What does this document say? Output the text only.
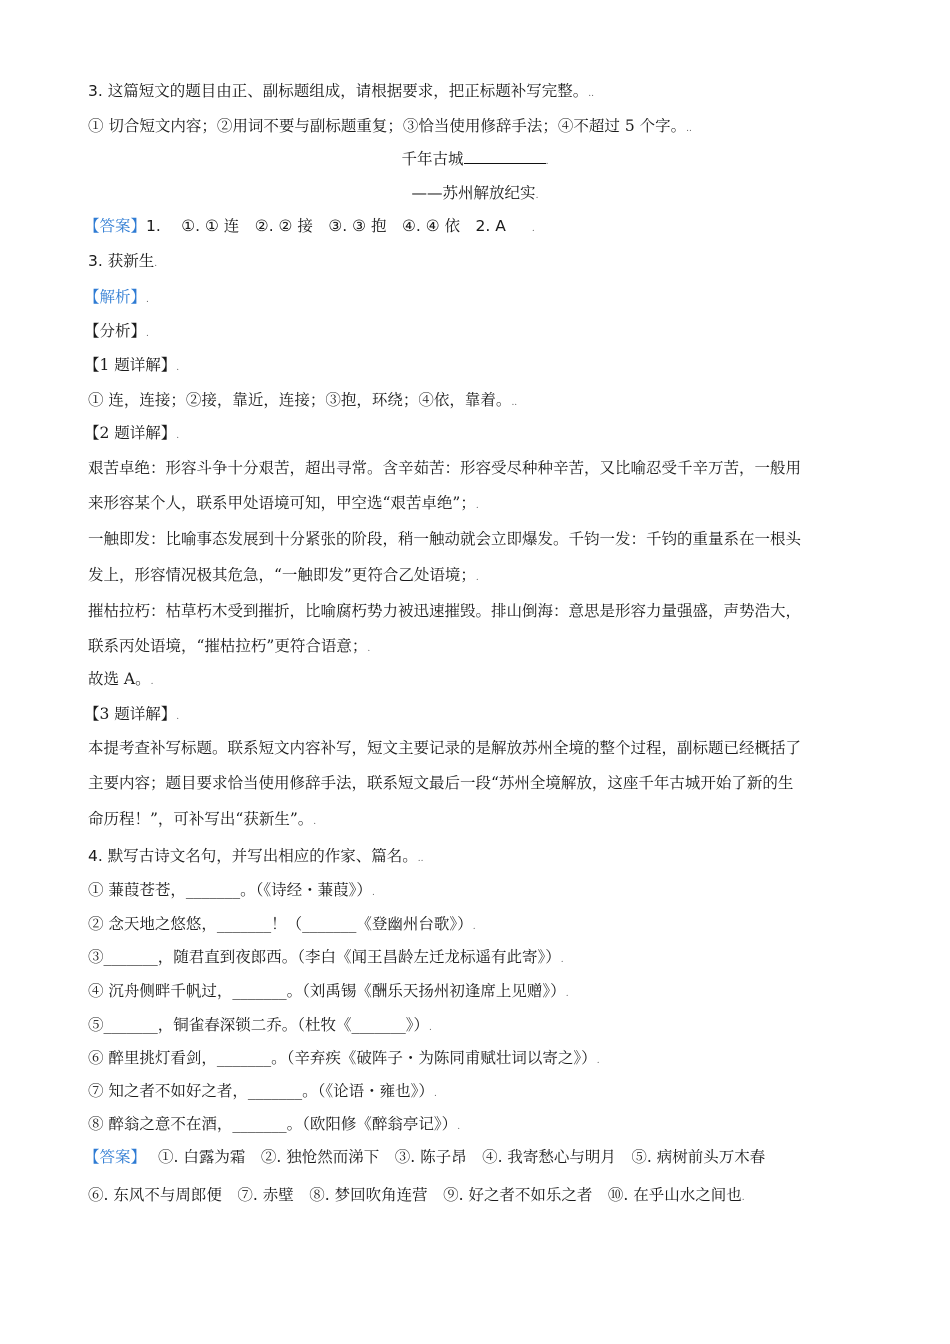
3. 这篇短文的题目由正、副标题组成，请根据要求，把正标题补写完整。..
① 切合短文内容；②用词不要与副标题重复；③恰当使用修辞手法；④不超过 5 个字。..
千年古城	.
——苏州解放纪实.
【答案】1.　 ①. ① 连　②. ② 接　③. ③ 抱　④. ④ 依　2. A	.
3. 获新生.
【解析】.
【分析】.
【1 题详解】.
① 连，连接；②接，靠近，连接；③抱，环绕；④依，靠着。..
【2 题详解】.
艰苦卓绝：形容斗争十分艰苦，超出寻常。含辛茹苦：形容受尽种种辛苦，又比喻忍受千辛万苦，一般用
来形容某个人，联系甲处语境可知，甲空选“艰苦卓绝”；.
一触即发：比喻事态发展到十分紧张的阶段，稍一触动就会立即爆发。千钧一发：千钧的重量系在一根头
发上，形容情况极其危急，“一触即发”更符合乙处语境；.
摧枯拉朽：枯草朽木受到摧折，比喻腐朽势力被迅速摧毁。排山倒海：意思是形容力量强盛，声势浩大，
联系丙处语境，“摧枯拉朽”更符合语意；.
故选 A。.
【3 题详解】.
本提考查补写标题。联系短文内容补写，短文主要记录的是解放苏州全境的整个过程，副标题已经概括了
主要内容；题目要求恰当使用修辞手法，联系短文最后一段“苏州全境解放，这座千年古城开始了新的生
命历程！”，可补写出“获新生”。.
4. 默写古诗文名句，并写出相应的作家、篇名。..
① 蒹葭苍苍，_______。（《诗经・蒹葭》）.
② 念天地之悠悠，_______！（_______《登幽州台歌》）.
③_______，随君直到夜郎西。（李白《闻王昌龄左迁龙标遥有此寄》）.
④ 沉舟侧畔千帆过，_______。（刘禹锡《酬乐天扬州初逢席上见赠》）.
⑤_______，铜雀春深锁二乔。（杜牧《_______》）.
⑥ 醉里挑灯看剑，_______。（辛弃疾《破阵子・为陈同甫赋壮词以寄之》）.
⑦ 知之者不如好之者，_______。（《论语・雍也》）.
⑧ 醉翁之意不在酒，_______。（欧阳修《醉翁亭记》）.
【答案】 ①. 白露为霜　②. 独怆然而涕下　③. 陈子昂　④. 我寄愁心与明月　⑤. 病树前头万木春
⑥. 东风不与周郎便　⑦. 赤壁　⑧. 梦回吹角连营　⑨. 好之者不如乐之者　⑩. 在乎山水之间也.
